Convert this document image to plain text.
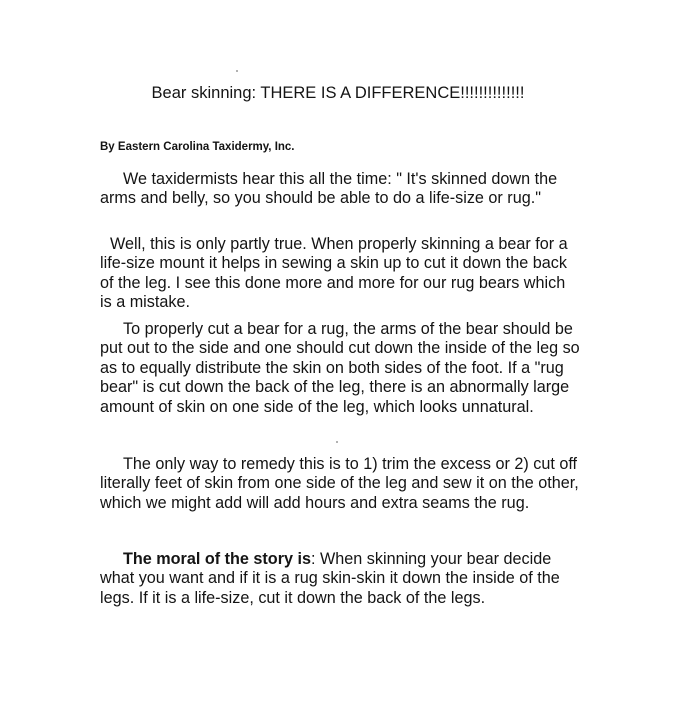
Bear skinning: THERE IS A DIFFERENCE!!!!!!!!!!!!!!
By Eastern Carolina Taxidermy, Inc.

We taxidermists hear this all the time: " It's skinned down the arms and belly, so you should be able to do a life-size or rug."

Well, this is only partly true. When properly skinning a bear for a life-size mount it helps in sewing a skin up to cut it down the back of the leg. I see this done more and more for our rug bears which is a mistake.

To properly cut a bear for a rug, the arms of the bear should be put out to the side and one should cut down the inside of the leg so as to equally distribute the skin on both sides of the foot. If a "rug bear" is cut down the back of the leg, there is an abnormally large amount of skin on one side of the leg, which looks unnatural.

The only way to remedy this is to 1) trim the excess or 2) cut off literally feet of skin from one side of the leg and sew it on the other, which we might add will add hours and extra seams the rug.

The moral of the story is: When skinning your bear decide what you want and if it is a rug skin-skin it down the inside of the legs. If it is a life-size, cut it down the back of the legs.
